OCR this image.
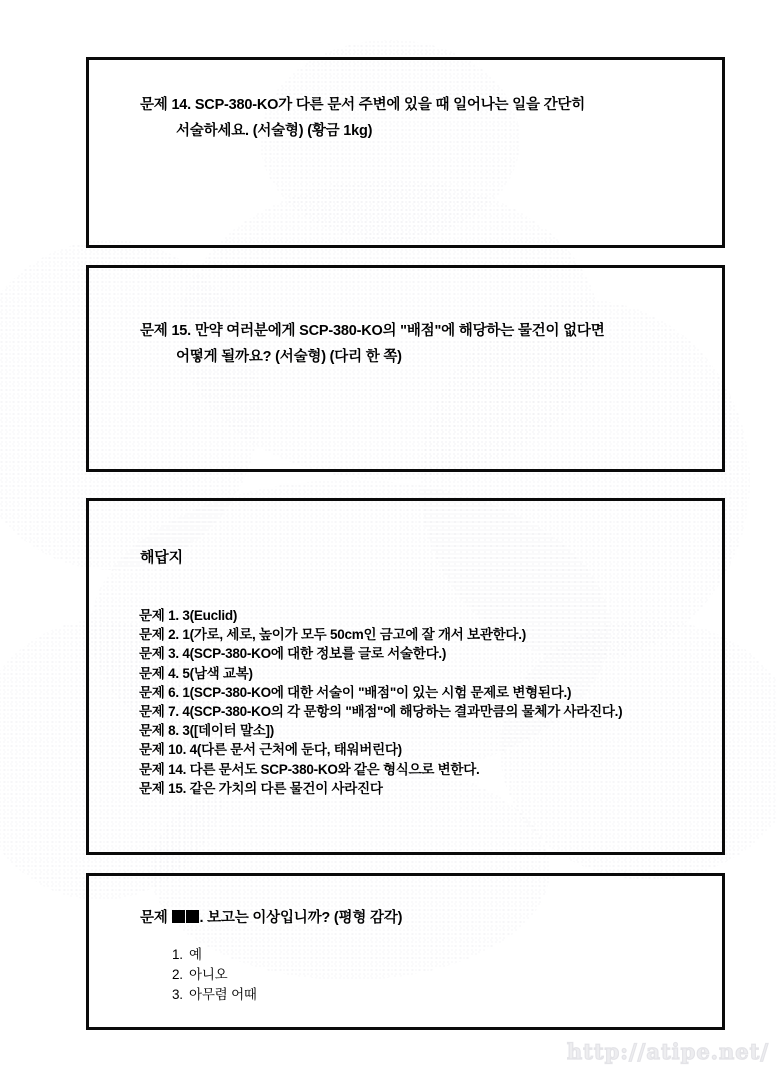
문제 14. SCP-380-KO가 다른 문서 주변에 있을 때 일어나는 일을 간단히
서술하세요. (서술형) (황금 1kg)
문제 15. 만약 여러분에게 SCP-380-KO의 "배점"에 해당하는 물건이 없다면
어떻게 될까요? (서술형) (다리 한 쪽)
해답지
문제 1. 3(Euclid)
문제 2. 1(가로, 세로, 높이가 모두 50cm인 금고에 잘 개서 보관한다.)
문제 3. 4(SCP-380-KO에 대한 정보를 글로 서술한다.)
문제 4. 5(남색 교복)
문제 6. 1(SCP-380-KO에 대한 서술이 "배점"이 있는 시험 문제로 변형된다.)
문제 7. 4(SCP-380-KO의 각 문항의 "배점"에 해당하는 결과만큼의 물체가 사라진다.)
문제 8. 3([데이터 말소])
문제 10. 4(다른 문서 근처에 둔다, 태워버린다)
문제 14. 다른 문서도 SCP-380-KO와 같은 형식으로 변한다.
문제 15. 같은 가치의 다른 물건이 사라진다
문제 . 보고는 이상입니까? (평형 감각)
1. 예
2. 아니오
3. 아무렴 어때
http://atipe.net/
